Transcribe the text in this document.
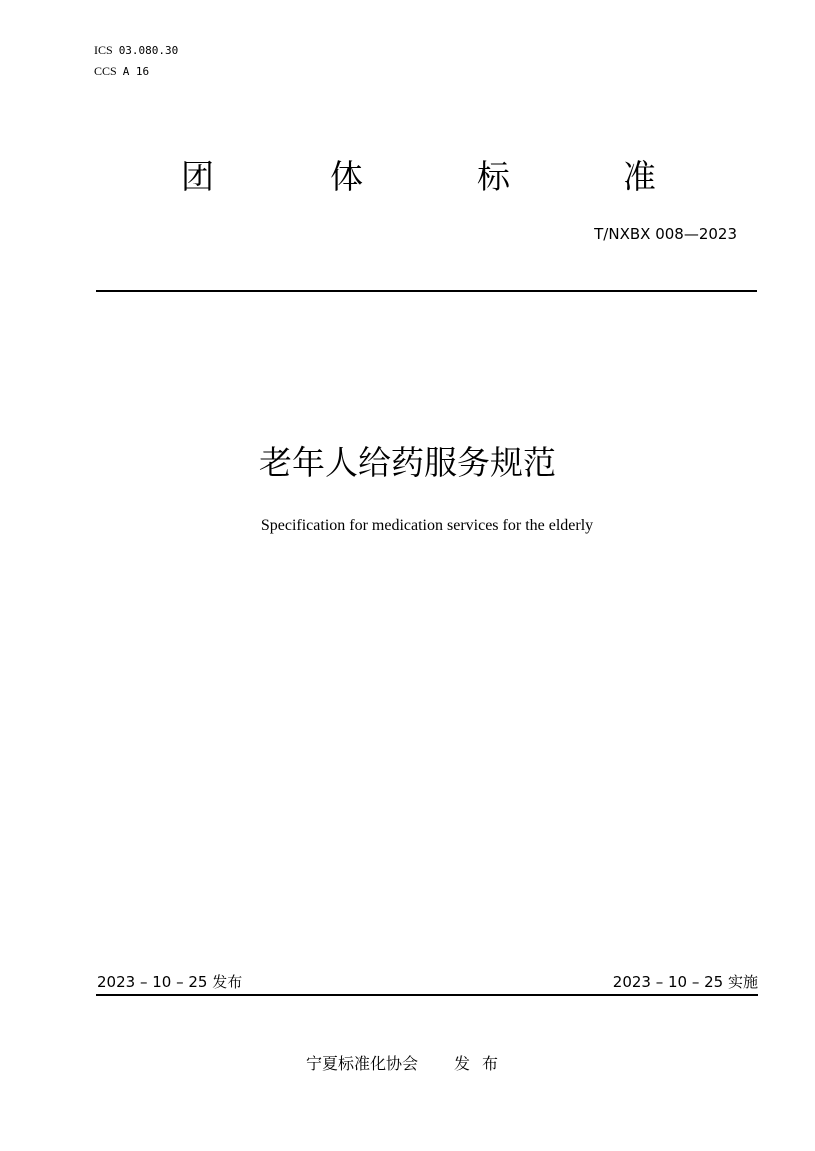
ICS 03.080.30
CCS A 16
团	体	标	准
T/NXBX 008—2023
老年人给药服务规范
Specification for medication services for the elderly
2023 – 10 – 25 发布	2023 – 10 – 25 实施
宁夏标准化协会 发布
